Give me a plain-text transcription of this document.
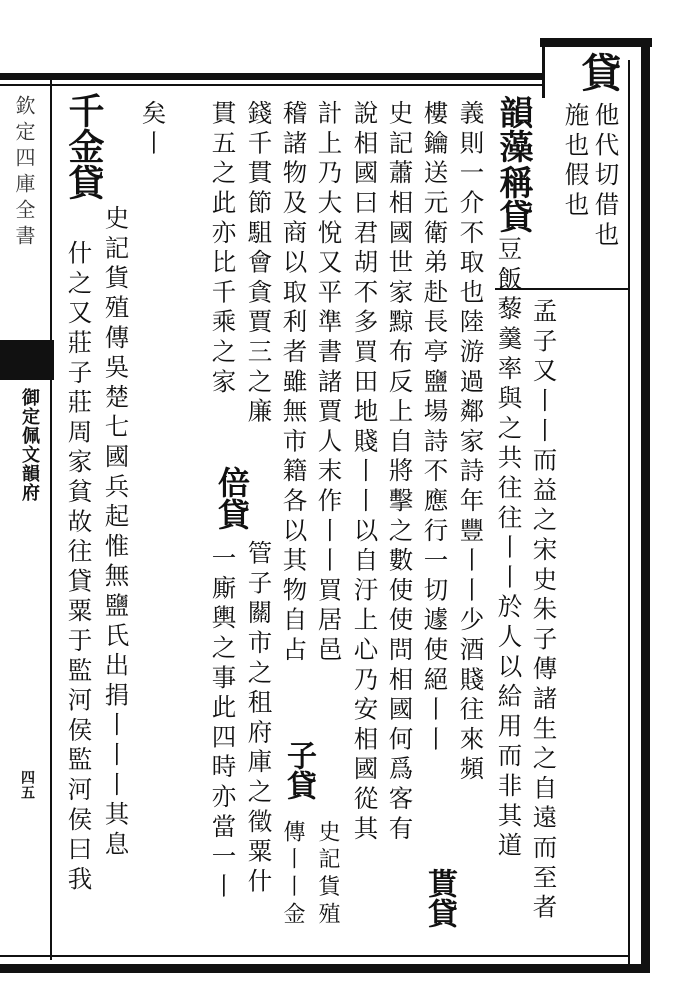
欽定四庫全書
御定佩文韻府
四五
貸
他代切借也
施也假也
韻藻
稱貸
孟子又丨丨而益之宋史朱子傳諸生之自遠而至者
豆飯藜羹率與之共往往丨丨於人以給用而非其道
義則一介不取也陸游過鄰家詩年豐丨丨少酒賤往來頻
樓鑰送元衛弟赴長亭鹽場詩不應行一切遽使絕丨丨
貰貸
史記蕭相國世家黥布反上自將擊之數使使問相國何爲客有
說相國曰君胡不多買田地賤丨丨以自汙上心乃安相國從其
計上乃大悅又平準書諸賈人末作丨丨買居邑
子貸
稽諸物及商以取利者雖無市籍各以其物自占
傳丨丨金
錢千貫節駔會貪賈三之廉
倍貸
史記貨殖
貫五之此亦比千乘之家
管子關市之租府庫之徵粟什
一廝輿之事此四時亦當一丨
矣丨
千金
貸
史記貨殖傳吳楚七國兵起惟無鹽氏出捐丨丨丨其息
什之又莊子莊周家貧故往貸粟于監河侯監河侯曰我
